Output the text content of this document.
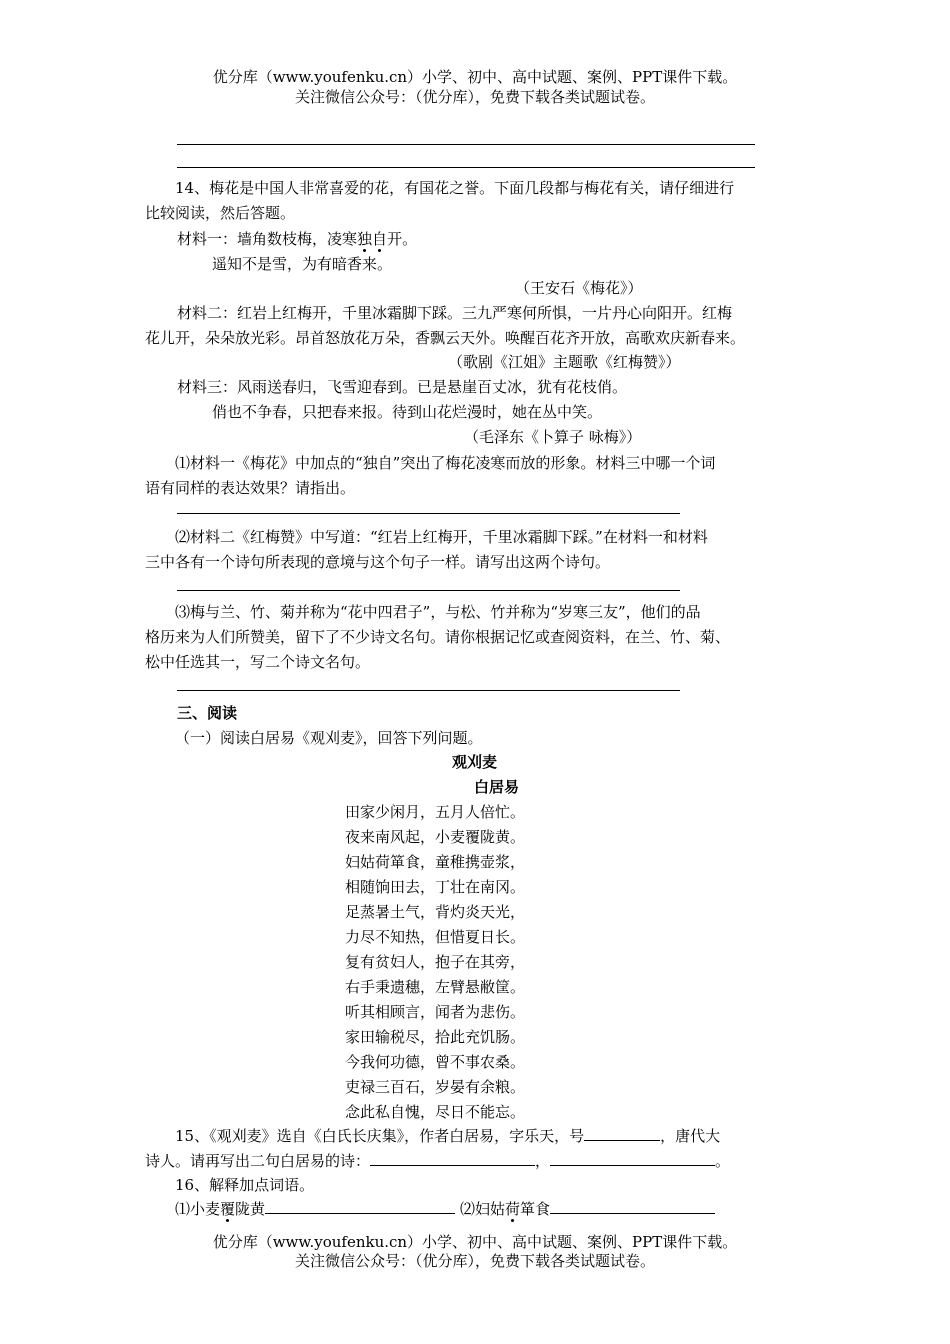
优分库（www.youfenku.cn）小学、初中、高中试题、案例、PPT课件下载。
关注微信公众号：（优分库），免费下载各类试题试卷。
14、梅花是中国人非常喜爱的花，有国花之誉。下面几段都与梅花有关，请仔细进行
比较阅读，然后答题。
材料一：墙角数枝梅，凌寒独自开。
遥知不是雪，为有暗香来。
（王安石《梅花》）
材料二：红岩上红梅开，千里冰霜脚下踩。三九严寒何所惧，一片丹心向阳开。红梅
花儿开，朵朵放光彩。昂首怒放花万朵，香飘云天外。唤醒百花齐开放，高歌欢庆新春来。
（歌剧《江姐》主题歌《红梅赞》）
材料三：风雨送春归，飞雪迎春到。已是悬崖百丈冰，犹有花枝俏。
俏也不争春，只把春来报。待到山花烂漫时，她在丛中笑。
（毛泽东《卜算子 咏梅》）
⑴材料一《梅花》中加点的“独自”突出了梅花凌寒而放的形象。材料三中哪一个词
语有同样的表达效果？请指出。
⑵材料二《红梅赞》中写道：“红岩上红梅开，千里冰霜脚下踩。”在材料一和材料
三中各有一个诗句所表现的意境与这个句子一样。请写出这两个诗句。
⑶梅与兰、竹、菊并称为“花中四君子”，与松、竹并称为“岁寒三友”，他们的品
格历来为人们所赞美，留下了不少诗文名句。请你根据记忆或查阅资料，在兰、竹、菊、
松中任选其一，写二个诗文名句。
三、阅读
（一）阅读白居易《观刈麦》，回答下列问题。
观刈麦
白居易
田家少闲月，五月人倍忙。
夜来南风起，小麦覆陇黄。
妇姑荷箪食，童稚携壶浆，
相随饷田去，丁壮在南冈。
足蒸暑土气，背灼炎天光，
力尽不知热，但惜夏日长。
复有贫妇人，抱子在其旁，
右手秉遗穗，左臂悬敝筐。
听其相顾言，闻者为悲伤。
家田输税尽，拾此充饥肠。
今我何功德，曾不事农桑。
吏禄三百石，岁晏有余粮。
念此私自愧，尽日不能忘。
15、《观刈麦》选自《白氏长庆集》，作者白居易，字乐天，号	，唐代大
诗人。请再写出二句白居易的诗：	，	。
16、解释加点词语。
⑴小麦覆陇黄	⑵妇姑荷箪食
优分库（www.youfenku.cn）小学、初中、高中试题、案例、PPT课件下载。
关注微信公众号：（优分库），免费下载各类试题试卷。
